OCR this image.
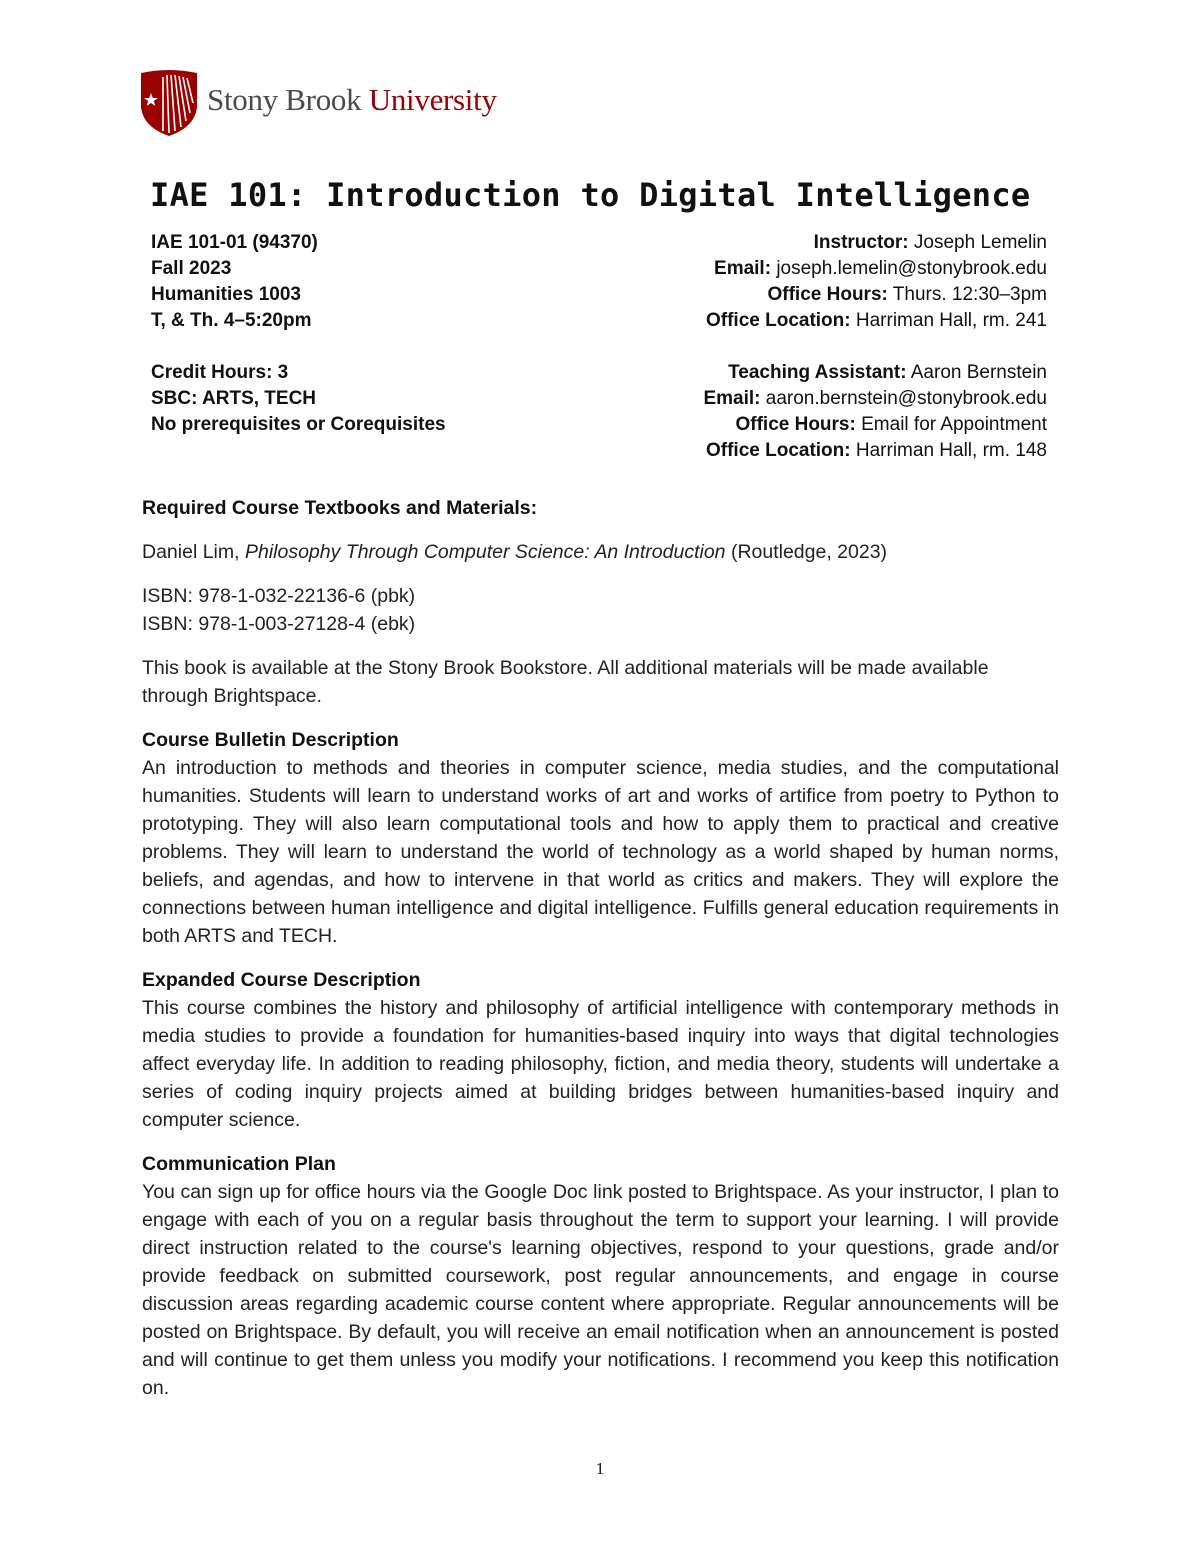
Stony Brook University
IAE 101: Introduction to Digital Intelligence
IAE 101-01 (94370)
Fall 2023
Humanities 1003
T, & Th. 4–5:20pm
Credit Hours: 3
SBC: ARTS, TECH
No prerequisites or Corequisites
Instructor: Joseph Lemelin
Email: joseph.lemelin@stonybrook.edu
Office Hours: Thurs. 12:30–3pm
Office Location: Harriman Hall, rm. 241
Teaching Assistant: Aaron Bernstein
Email: aaron.bernstein@stonybrook.edu
Office Hours: Email for Appointment
Office Location: Harriman Hall, rm. 148

Required Course Textbooks and Materials:

Daniel Lim, Philosophy Through Computer Science: An Introduction (Routledge, 2023)

ISBN: 978-1-032-22136-6 (pbk)

ISBN: 978-1-003-27128-4 (ebk)

This book is available at the Stony Brook Bookstore. All additional materials will be made available through Brightspace.

Course Bulletin Description

An introduction to methods and theories in computer science, media studies, and the computational humanities. Students will learn to understand works of art and works of artifice from poetry to Python to prototyping. They will also learn computational tools and how to apply them to practical and creative problems. They will learn to understand the world of technology as a world shaped by human norms, beliefs, and agendas, and how to intervene in that world as critics and makers. They will explore the connections between human intelligence and digital intelligence. Fulfills general education requirements in both ARTS and TECH.

Expanded Course Description

This course combines the history and philosophy of artificial intelligence with contemporary methods in media studies to provide a foundation for humanities-based inquiry into ways that digital technologies affect everyday life. In addition to reading philosophy, fiction, and media theory, students will undertake a series of coding inquiry projects aimed at building bridges between humanities-based inquiry and computer science.

Communication Plan

You can sign up for office hours via the Google Doc link posted to Brightspace. As your instructor, I plan to engage with each of you on a regular basis throughout the term to support your learning. I will provide direct instruction related to the course's learning objectives, respond to your questions, grade and/or provide feedback on submitted coursework, post regular announcements, and engage in course discussion areas regarding academic course content where appropriate. Regular announcements will be posted on Brightspace. By default, you will receive an email notification when an announcement is posted and will continue to get them unless you modify your notifications. I recommend you keep this notification on.

1
